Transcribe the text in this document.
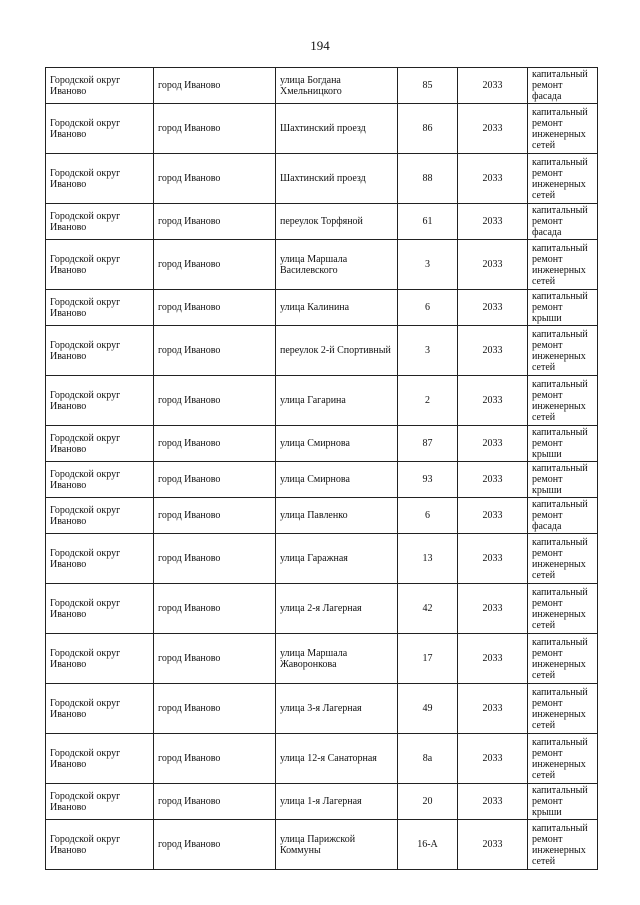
194
Городской округ Иваново	город Иваново	улица Богдана Хмельницкого	85	2033	капитальный ремонт фасада
Городской округ Иваново	город Иваново	Шахтинский проезд	86	2033	капитальный ремонт инженерных сетей
Городской округ Иваново	город Иваново	Шахтинский проезд	88	2033	капитальный ремонт инженерных сетей
Городской округ Иваново	город Иваново	переулок Торфяной	61	2033	капитальный ремонт фасада
Городской округ Иваново	город Иваново	улица Маршала Василевского	3	2033	капитальный ремонт инженерных сетей
Городской округ Иваново	город Иваново	улица Калинина	6	2033	капитальный ремонт крыши
Городской округ Иваново	город Иваново	переулок 2-й Спортивный	3	2033	капитальный ремонт инженерных сетей
Городской округ Иваново	город Иваново	улица Гагарина	2	2033	капитальный ремонт инженерных сетей
Городской округ Иваново	город Иваново	улица Смирнова	87	2033	капитальный ремонт крыши
Городской округ Иваново	город Иваново	улица Смирнова	93	2033	капитальный ремонт крыши
Городской округ Иваново	город Иваново	улица Павленко	6	2033	капитальный ремонт фасада
Городской округ Иваново	город Иваново	улица Гаражная	13	2033	капитальный ремонт инженерных сетей
Городской округ Иваново	город Иваново	улица 2-я Лагерная	42	2033	капитальный ремонт инженерных сетей
Городской округ Иваново	город Иваново	улица Маршала Жаворонкова	17	2033	капитальный ремонт инженерных сетей
Городской округ Иваново	город Иваново	улица 3-я Лагерная	49	2033	капитальный ремонт инженерных сетей
Городской округ Иваново	город Иваново	улица 12-я Санаторная	8а	2033	капитальный ремонт инженерных сетей
Городской округ Иваново	город Иваново	улица 1-я Лагерная	20	2033	капитальный ремонт крыши
Городской округ Иваново	город Иваново	улица Парижской Коммуны	16-А	2033	капитальный ремонт инженерных сетей
